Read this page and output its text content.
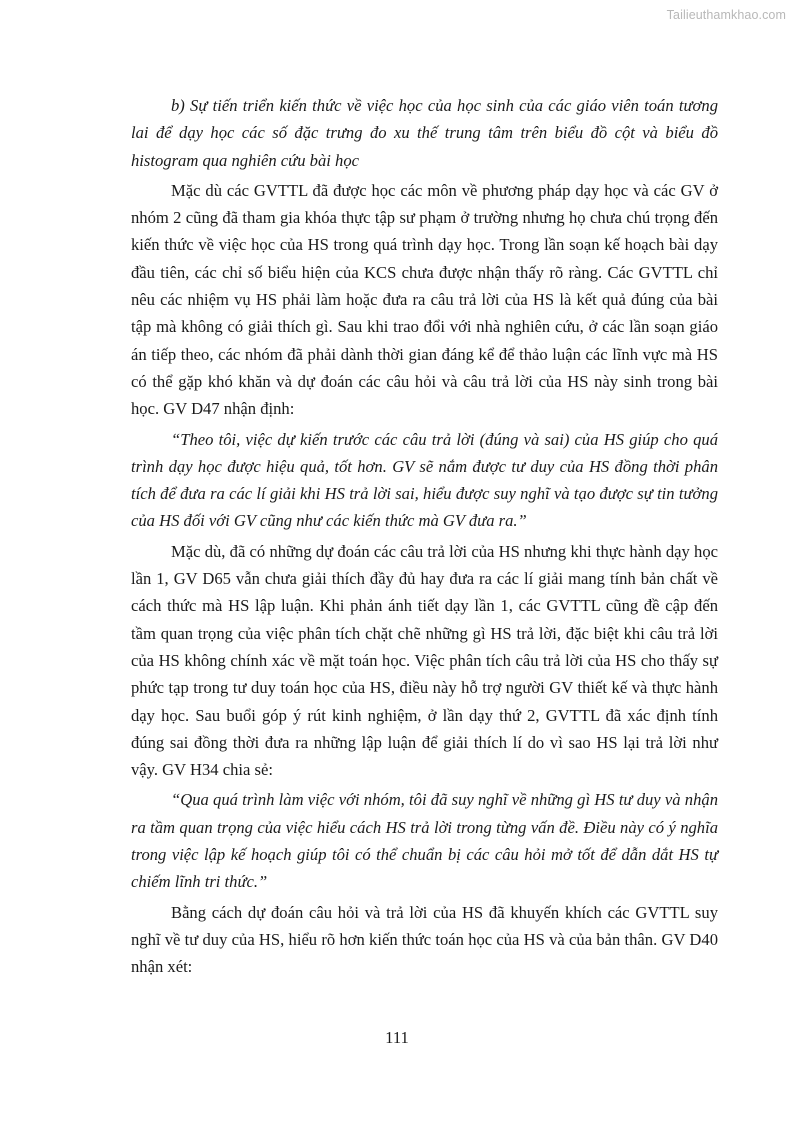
Tailieuthamkhao.com

b) Sự tiến triển kiến thức về việc học của học sinh của các giáo viên toán tương lai để dạy học các số đặc trưng đo xu thế trung tâm trên biểu đồ cột và biểu đồ histogram qua nghiên cứu bài học

Mặc dù các GVTTL đã được học các môn về phương pháp dạy học và các GV ở nhóm 2 cũng đã tham gia khóa thực tập sư phạm ở trường nhưng họ chưa chú trọng đến kiến thức về việc học của HS trong quá trình dạy học. Trong lần soạn kế hoạch bài dạy đầu tiên, các chỉ số biểu hiện của KCS chưa được nhận thấy rõ ràng. Các GVTTL chỉ nêu các nhiệm vụ HS phải làm hoặc đưa ra câu trả lời của HS là kết quả đúng của bài tập mà không có giải thích gì. Sau khi trao đổi với nhà nghiên cứu, ở các lần soạn giáo án tiếp theo, các nhóm đã phải dành thời gian đáng kể để thảo luận các lĩnh vực mà HS có thể gặp khó khăn và dự đoán các câu hỏi và câu trả lời của HS này sinh trong bài học. GV D47 nhận định:

“Theo tôi, việc dự kiến trước các câu trả lời (đúng và sai) của HS giúp cho quá trình dạy học được hiệu quả, tốt hơn. GV sẽ nắm được tư duy của HS đồng thời phân tích để đưa ra các lí giải khi HS trả lời sai, hiểu được suy nghĩ và tạo được sự tin tưởng của HS đối với GV cũng như các kiến thức mà GV đưa ra.”

Mặc dù, đã có những dự đoán các câu trả lời của HS nhưng khi thực hành dạy học lần 1, GV D65 vẫn chưa giải thích đầy đủ hay đưa ra các lí giải mang tính bản chất về cách thức mà HS lập luận. Khi phản ánh tiết dạy lần 1, các GVTTL cũng đề cập đến tầm quan trọng của việc phân tích chặt chẽ những gì HS trả lời, đặc biệt khi câu trả lời của HS không chính xác về mặt toán học. Việc phân tích câu trả lời của HS cho thấy sự phức tạp trong tư duy toán học của HS, điều này hỗ trợ người GV thiết kế và thực hành dạy học. Sau buổi góp ý rút kinh nghiệm, ở lần dạy thứ 2, GVTTL đã xác định tính đúng sai đồng thời đưa ra những lập luận để giải thích lí do vì sao HS lại trả lời như vậy. GV H34 chia sẻ:

“Qua quá trình làm việc với nhóm, tôi đã suy nghĩ về những gì HS tư duy và nhận ra tầm quan trọng của việc hiểu cách HS trả lời trong từng vấn đề. Điều này có ý nghĩa trong việc lập kế hoạch giúp tôi có thể chuẩn bị các câu hỏi mở tốt để dẫn dắt HS tự chiếm lĩnh tri thức.”

Bằng cách dự đoán câu hỏi và trả lời của HS đã khuyến khích các GVTTL suy nghĩ về tư duy của HS, hiểu rõ hơn kiến thức toán học của HS và của bản thân. GV D40 nhận xét:

111
